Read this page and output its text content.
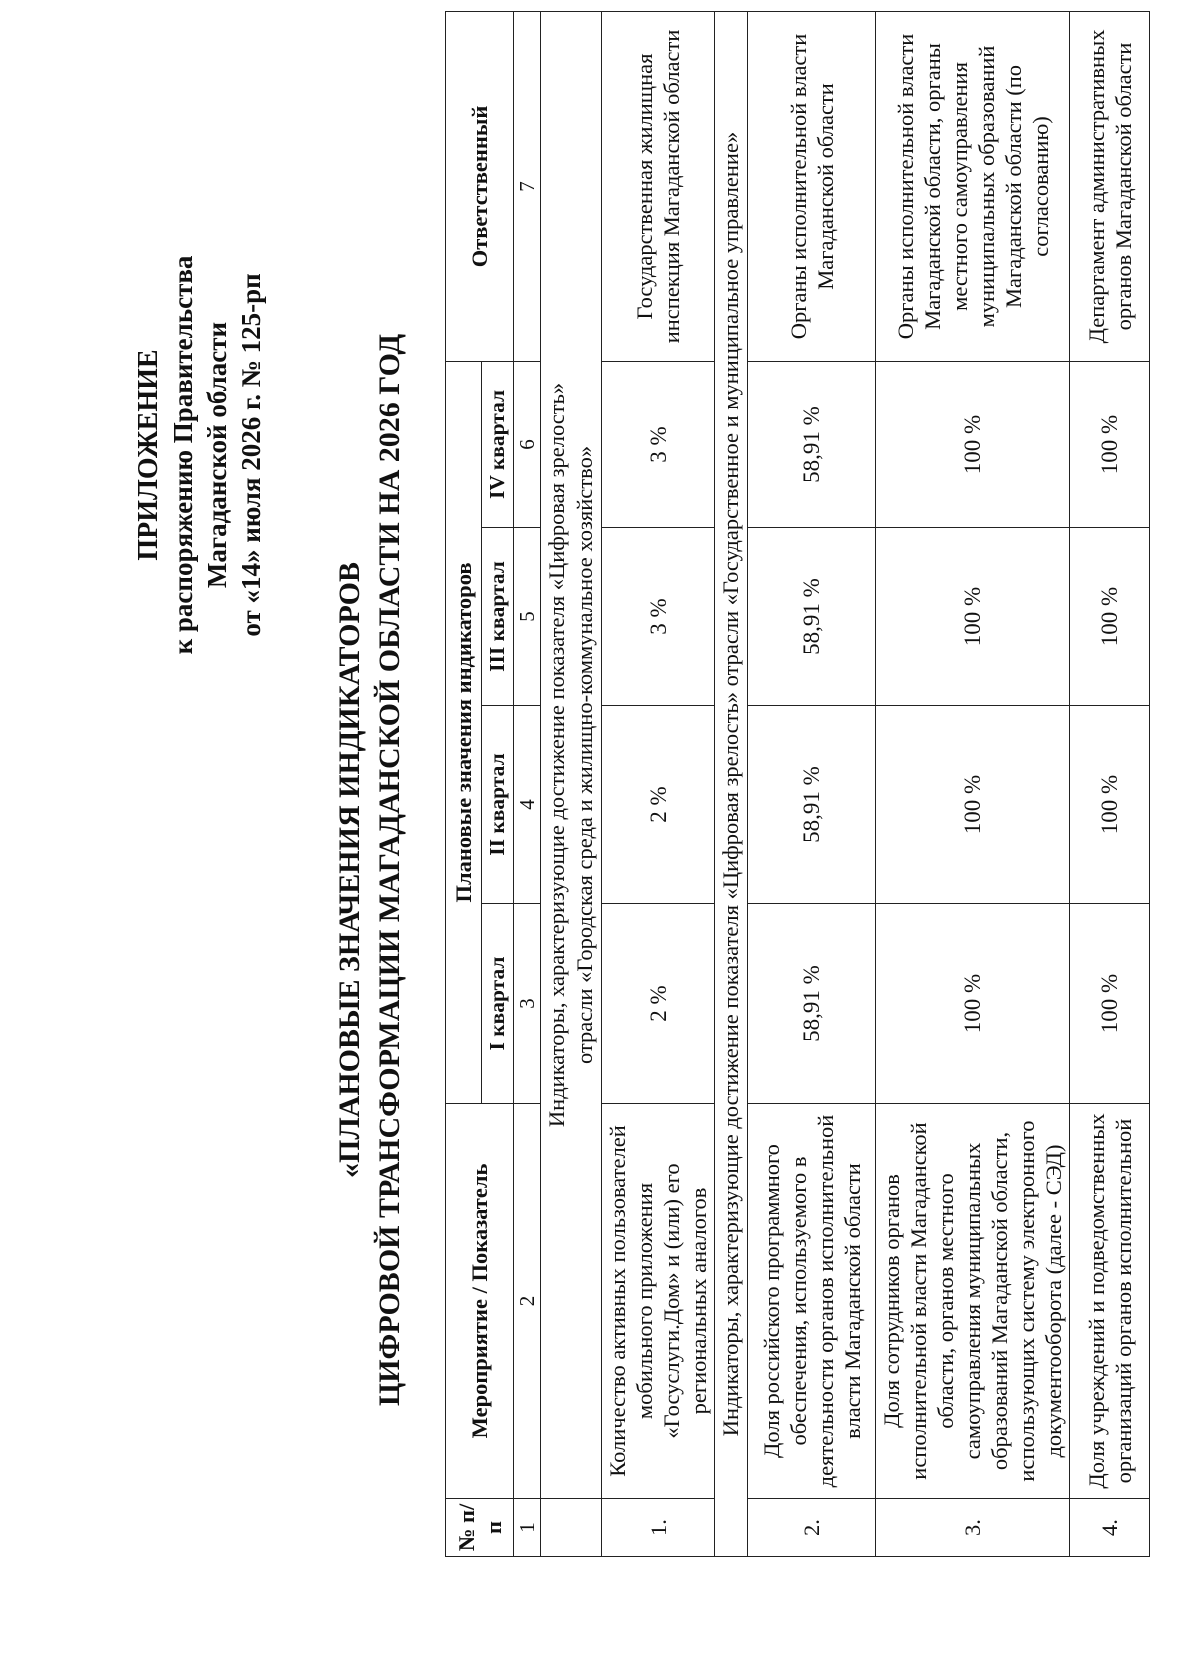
ПРИЛОЖЕНИЕ к распоряжению Правительства Магаданской области от «14» июля 2026 г. № 125-рп
«ПЛАНОВЫЕ ЗНАЧЕНИЯ ИНДИКАТОРОВ ЦИФРОВОЙ ТРАНСФОРМАЦИИ МАГАДАНСКОЙ ОБЛАСТИ НА 2026 ГОД
№ п/п	Мероприятие / Показатель	Плановые значения индикаторов				Ответственный
		I квартал	II квартал	III квартал	IV квартал	
1	2	3	4	5	6	7

	Индикаторы, характеризующие достижение показателя «Цифровая зрелость» отрасли «Городская среда и жилищно-коммунальное хозяйство»					

1.	Количество активных пользователей мобильного приложения «Госуслуги.Дом» и (или) его региональных аналогов	2 %	2 %	3 %	3 %	Государственная жилищная инспекция Магаданской области
Индикаторы, характеризующие достижение показателя «Цифровая зрелость» отрасли «Государственное и муниципальное управление»						
2.	Доля российского программного обеспечения, используемого в деятельности органов исполнительной власти Магаданской области	58,91 %	58,91 %	58,91 %	58,91 %	Органы исполнительной власти Магаданской области
3.	Доля сотрудников органов исполнительной власти Магаданской области, органов местного самоуправления муниципальных образований Магаданской области, использующих систему электронного документооборота (далее - СЭД)	100 %	100 %	100 %	100 %	Органы исполнительной власти Магаданской области, органы местного самоуправления муниципальных образований Магаданской области (по согласованию)
4.	Доля учреждений и подведомственных организаций органов исполнительной	100 %	100 %	100 %	100 %	Департамент административных органов Магаданской области
